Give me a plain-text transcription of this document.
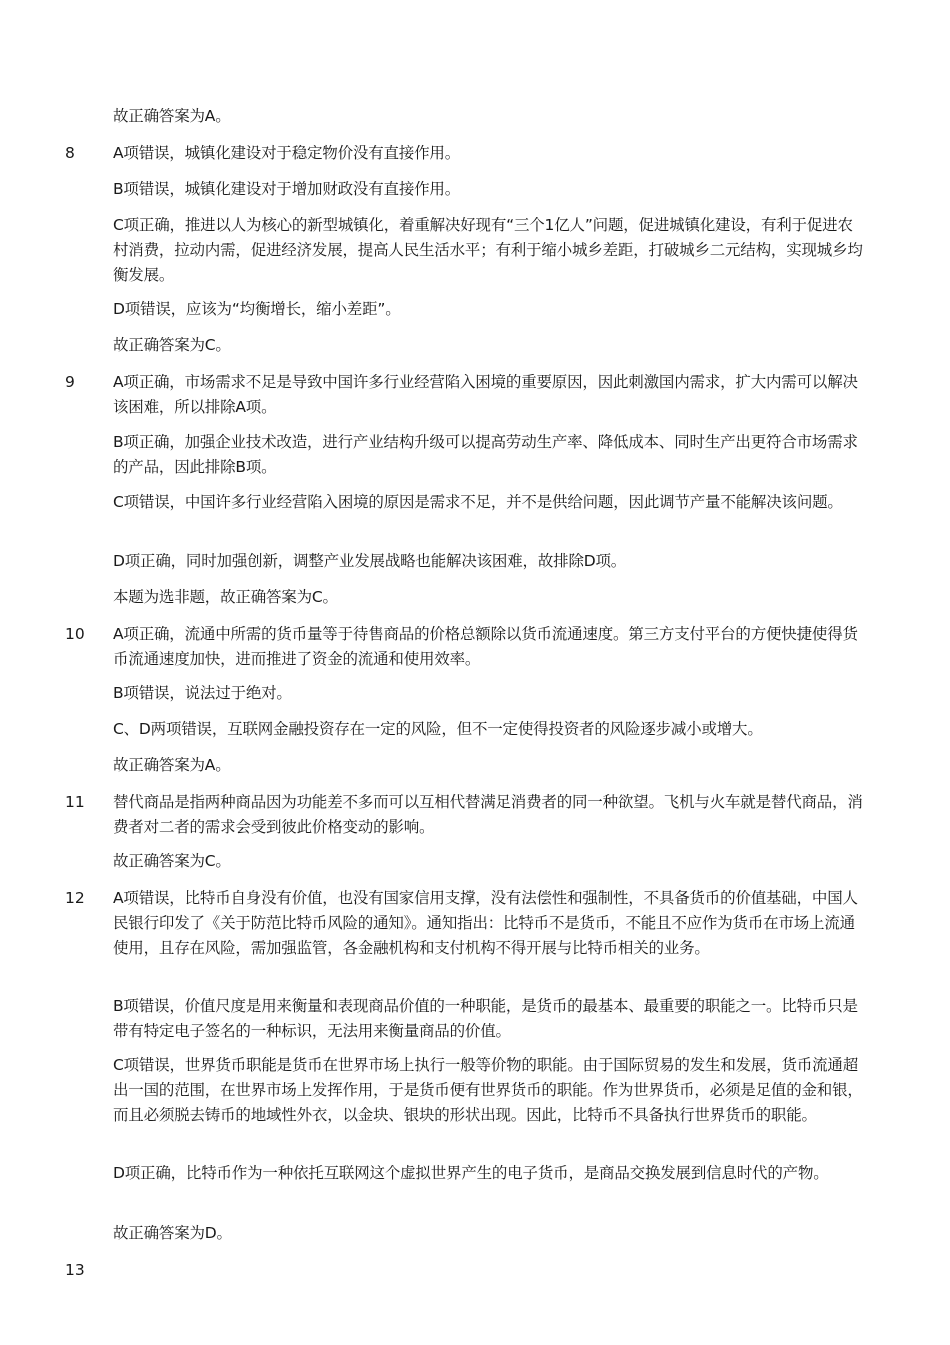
故正确答案为A。

8 A项错误，城镇化建设对于稳定物价没有直接作用。

B项错误，城镇化建设对于增加财政没有直接作用。

C项正确，推进以人为核心的新型城镇化，着重解决好现有“三个1亿人”问题，促进城镇化建设，有利于促进农村消费，拉动内需，促进经济发展，提高人民生活水平；有利于缩小城乡差距，打破城乡二元结构，实现城乡均衡发展。

D项错误，应该为“均衡增长，缩小差距”。

故正确答案为C。

9 A项正确，市场需求不足是导致中国许多行业经营陷入困境的重要原因，因此刺激国内需求，扩大内需可以解决该困难，所以排除A项。

B项正确，加强企业技术改造，进行产业结构升级可以提高劳动生产率、降低成本、同时生产出更符合市场需求的产品，因此排除B项。

C项错误，中国许多行业经营陷入困境的原因是需求不足，并不是供给问题，因此调节产量不能解决该问题。

D项正确，同时加强创新，调整产业发展战略也能解决该困难，故排除D项。

本题为选非题，故正确答案为C。

10 A项正确，流通中所需的货币量等于待售商品的价格总额除以货币流通速度。第三方支付平台的方便快捷使得货币流通速度加快，进而推进了资金的流通和使用效率。

B项错误，说法过于绝对。

C、D两项错误，互联网金融投资存在一定的风险，但不一定使得投资者的风险逐步减小或增大。

故正确答案为A。

11 替代商品是指两种商品因为功能差不多而可以互相代替满足消费者的同一种欲望。飞机与火车就是替代商品，消费者对二者的需求会受到彼此价格变动的影响。

故正确答案为C。

12 A项错误，比特币自身没有价值，也没有国家信用支撑，没有法偿性和强制性，不具备货币的价值基础，中国人民银行印发了《关于防范比特币风险的通知》。通知指出：比特币不是货币，不能且不应作为货币在市场上流通使用，且存在风险，需加强监管，各金融机构和支付机构不得开展与比特币相关的业务。

B项错误，价值尺度是用来衡量和表现商品价值的一种职能，是货币的最基本、最重要的职能之一。比特币只是带有特定电子签名的一种标识，无法用来衡量商品的价值。

C项错误，世界货币职能是货币在世界市场上执行一般等价物的职能。由于国际贸易的发生和发展，货币流通超出一国的范围，在世界市场上发挥作用，于是货币便有世界货币的职能。作为世界货币，必须是足值的金和银，而且必须脱去铸币的地域性外衣，以金块、银块的形状出现。因此，比特币不具备执行世界货币的职能。

D项正确，比特币作为一种依托互联网这个虚拟世界产生的电子货币，是商品交换发展到信息时代的产物。

故正确答案为D。

13
